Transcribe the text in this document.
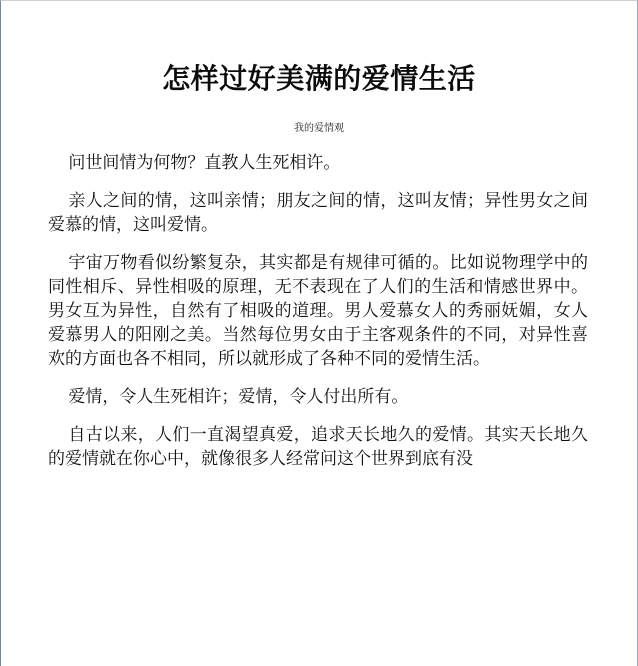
怎样过好美满的爱情生活
我的爱情观

问世间情为何物？直教人生死相许。

亲人之间的情，这叫亲情；朋友之间的情，这叫友情；异性男女之间爱慕的情，这叫爱情。

宇宙万物看似纷繁复杂，其实都是有规律可循的。比如说物理学中的同性相斥、异性相吸的原理，无不表现在了人们的生活和情感世界中。男女互为异性，自然有了相吸的道理。男人爱慕女人的秀丽妩媚，女人爱慕男人的阳刚之美。当然每位男女由于主客观条件的不同，对异性喜欢的方面也各不相同，所以就形成了各种不同的爱情生活。

爱情，令人生死相许；爱情，令人付出所有。

自古以来，人们一直渴望真爱，追求天长地久的爱情。其实天长地久的爱情就在你心中，就像很多人经常问这个世界到底有没
